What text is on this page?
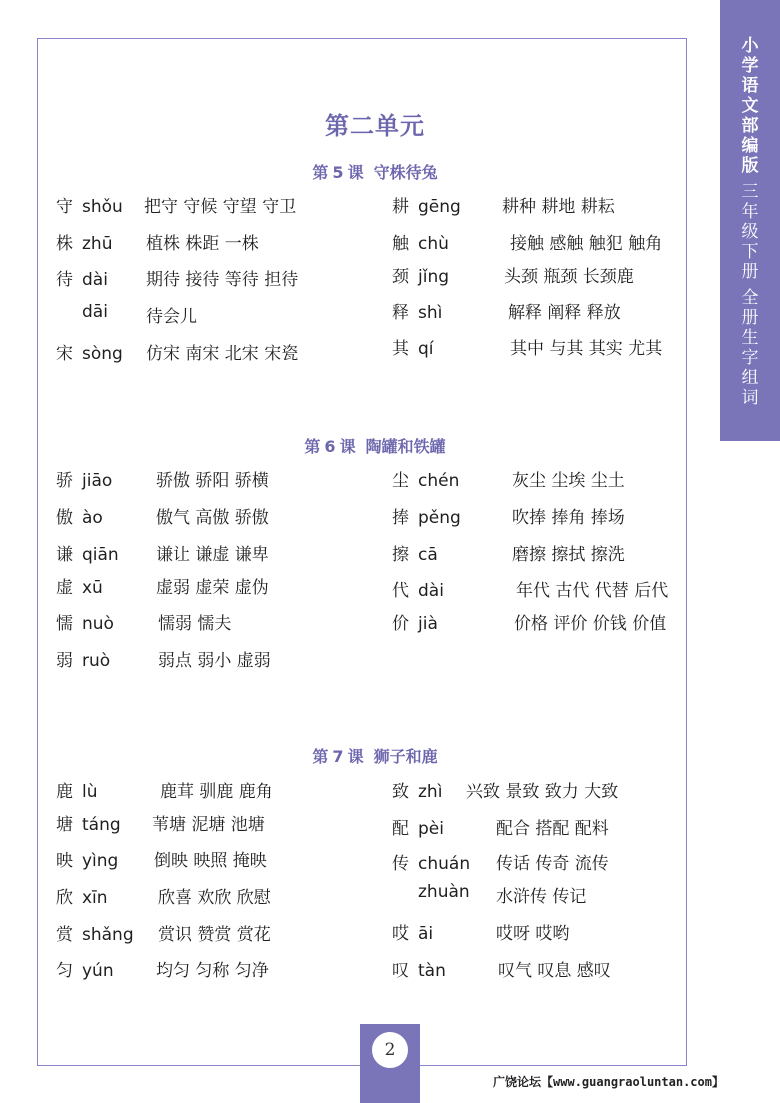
小学语文部编版
三年级下册
全册生字组词
第二单元
第 5 课 守株待兔
守 shǒu 把守 守候 守望 守卫
株 zhū 植株 株距 一株
待 dài 期待 接待 等待 担待
dāi 待会儿
宋 sòng 仿宋 南宋 北宋 宋瓷
耕 gēng 耕种 耕地 耕耘
触 chù	接触 感触 触犯 触角
颈 jǐng	头颈 瓶颈 长颈鹿
释 shì	解释 阐释 释放
其 qí	其中 与其 其实 尤其
第 6 课 陶罐和铁罐
骄 jiāo	骄傲 骄阳 骄横
傲 ào	傲气 高傲 骄傲
谦 qiān 谦让 谦虚 谦卑
虚 xū	虚弱 虚荣 虚伪
懦 nuò	懦弱 懦夫
弱 ruò	弱点 弱小 虚弱
尘 chén	灰尘 尘埃 尘土
捧 pěng	吹捧 捧角 捧场
擦 cā	磨擦 擦拭 擦洗
代 dài	年代 古代 代替 后代
价 jià	价格 评价 价钱 价值
第 7 课 狮子和鹿
鹿 lù	鹿茸 驯鹿 鹿角
塘 táng 苇塘 泥塘 池塘
映 yìng 倒映 映照 掩映
欣 xīn	欣喜 欢欣 欣慰
赏 shǎng 赏识 赞赏 赏花
匀 yún 均匀 匀称 匀净
致 zhì 兴致 景致 致力 大致
配 pèi	配合 搭配 配料
传 chuán 传话 传奇 流传
zhuàn 水浒传 传记
哎 āi	哎呀 哎哟
叹 tàn	叹气 叹息 感叹
2
广饶论坛【www.guangraoluntan.com】
